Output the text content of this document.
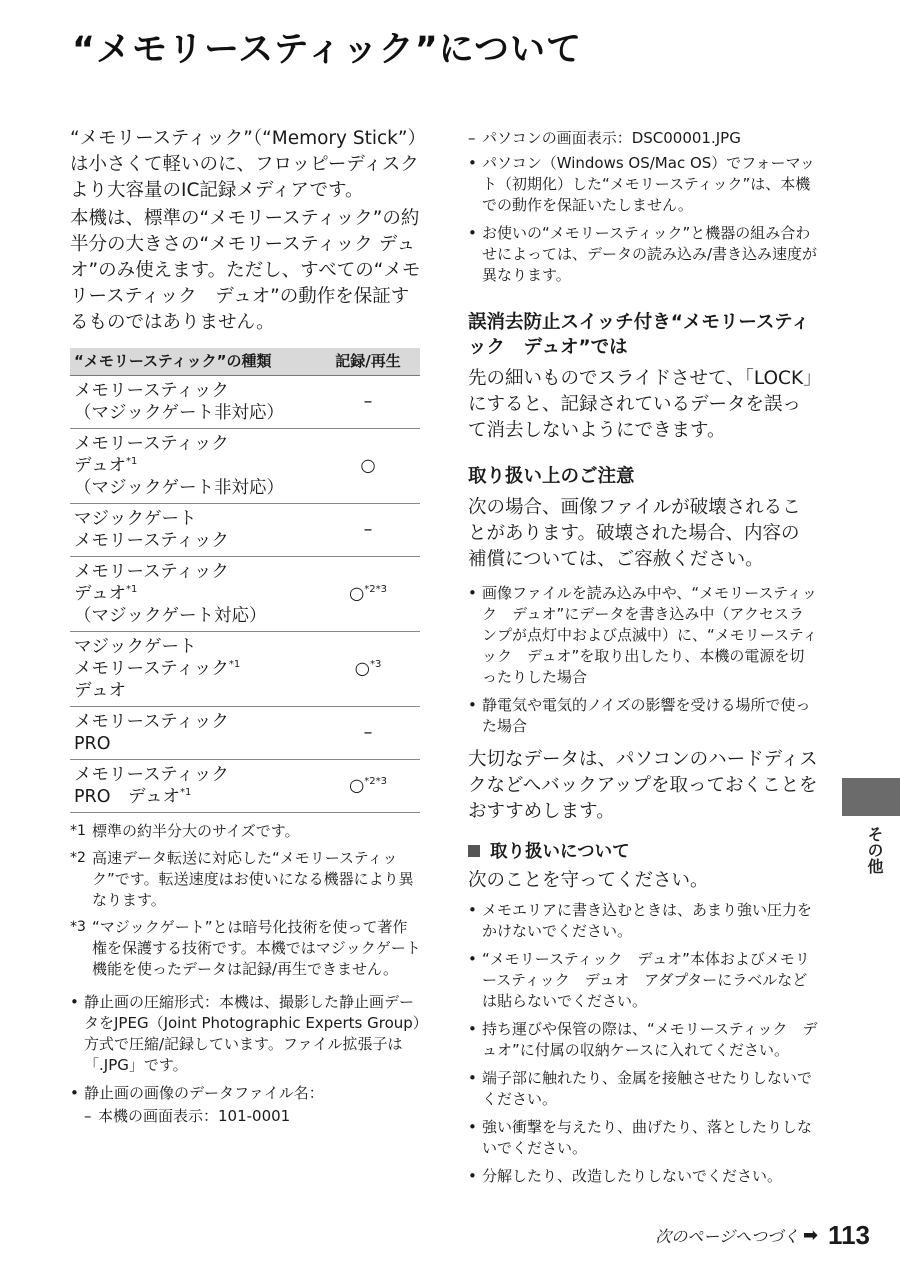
“メモリースティック”について

“メモリースティック”（“Memory Stick”）は小さくて軽いのに、フロッピーディスクより大容量のIC記録メディアです。

本機は、標準の“メモリースティック”の約半分の大きさの“メモリースティック デュオ”のみ使えます。ただし、すべての“メモリースティック　デュオ”の動作を保証するものではありません。

“メモリースティック”の種類	記録/再生

メモリースティック
（マジックゲート非対応）	–

メモリースティック
デュオ$^{*1}$
（マジックゲート非対応）	○

マジックゲート
メモリースティック	–

メモリースティック
デュオ$^{*1}$
（マジックゲート対応）	○$^{*2*3}$

マジックゲート
メモリースティック$^{*1}$
デュオ	○$^{*3}$

メモリースティック
PRO	–

メモリースティック
PRO　デュオ$^{*1}$	○$^{*2*3}$
*1 標準の約半分大のサイズです。
*2 高速データ転送に対応した“メモリースティック”です。転送速度はお使いになる機器により異なります。
*3 “マジックゲート”とは暗号化技術を使って著作権を保護する技術です。本機ではマジックゲート機能を使ったデータは記録/再生できません。
• 静止画の圧縮形式：本機は、撮影した静止画データをJPEG（Joint Photographic Experts Group）方式で圧縮/記録しています。ファイル拡張子は「.JPG」です。
• 静止画の画像のデータファイル名：
– 本機の画面表示：101-0001
– パソコンの画面表示：DSC00001.JPG
• パソコン（Windows OS/Mac OS）でフォーマット（初期化）した“メモリースティック”は、本機での動作を保証いたしません。
• お使いの“メモリースティック”と機器の組み合わせによっては、データの読み込み/書き込み速度が異なります。
誤消去防止スイッチ付き“メモリースティック　デュオ”では

先の細いものでスライドさせて、「LOCK」にすると、記録されているデータを誤って消去しないようにできます。

取り扱い上のご注意

次の場合、画像ファイルが破壊されることがあります。破壊された場合、内容の補償については、ご容赦ください。

• 画像ファイルを読み込み中や、“メモリースティック　デュオ”にデータを書き込み中（アクセスランプが点灯中および点滅中）に、“メモリースティック　デュオ”を取り出したり、本機の電源を切ったりした場合
• 静電気や電気的ノイズの影響を受ける場所で使った場合

大切なデータは、パソコンのハードディスクなどへバックアップを取っておくことをおすすめします。

取り扱いについて

次のことを守ってください。

• メモエリアに書き込むときは、あまり強い圧力をかけないでください。
• “メモリースティック　デュオ”本体およびメモリースティック　デュオ　アダプターにラベルなどは貼らないでください。
• 持ち運びや保管の際は、“メモリースティック　デュオ”に付属の収納ケースに入れてください。
• 端子部に触れたり、金属を接触させたりしないでください。
• 強い衝撃を与えたり、曲げたり、落としたりしないでください。
• 分解したり、改造したりしないでください。
その他
次のページへつづく ➡ 113
